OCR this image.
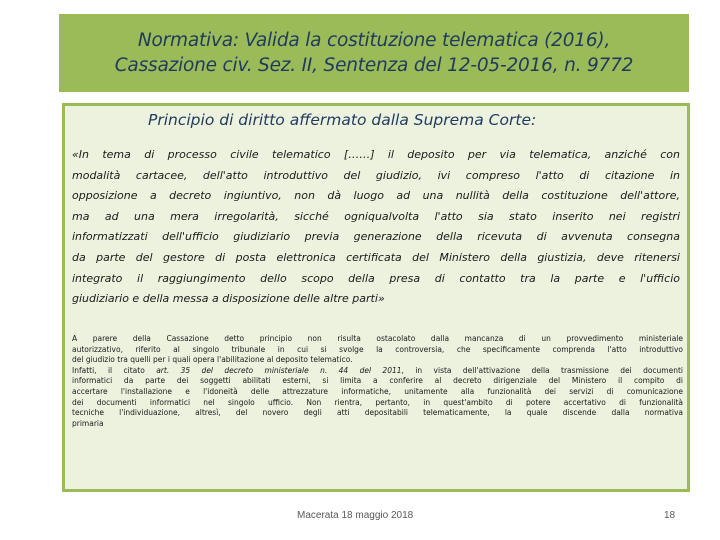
Normativa: Valida la costituzione telematica (2016),
Cassazione civ. Sez. II, Sentenza del 12-05-2016, n. 9772
Principio di diritto affermato dalla Suprema Corte:

«In tema di processo civile telematico [……] il deposito per via telematica, anziché con
modalità cartacee, dell'atto introduttivo del giudizio, ivi compreso l'atto di citazione in
opposizione a decreto ingiuntivo, non dà luogo ad una nullità della costituzione dell'attore,
ma ad una mera irregolarità, sicché ogniqualvolta l'atto sia stato inserito nei registri
informatizzati dell'ufficio giudiziario previa generazione della ricevuta di avvenuta consegna
da parte del gestore di posta elettronica certificata del Ministero della giustizia, deve ritenersi
integrato il raggiungimento dello scopo della presa di contatto tra la parte e l'ufficio
giudiziario e della messa a disposizione delle altre parti»

A parere della Cassazione detto principio non risulta ostacolato dalla mancanza di un provvedimento ministeriale
autorizzativo, riferito al singolo tribunale in cui si svolge la controversia, che specificamente comprenda l'atto introduttivo
del giudizio tra quelli per i quali opera l'abilitazione al deposito telematico.
Infatti, il citato art. 35 del decreto ministeriale n. 44 del 2011, in vista dell'attivazione della trasmissione dei documenti
informatici da parte dei soggetti abilitati esterni, si limita a conferire al decreto dirigenziale del Ministero il compito di
accertare l'installazione e l'idoneità delle attrezzature informatiche, unitamente alla funzionalità dei servizi di comunicazione
dei documenti informatici nel singolo ufficio. Non rientra, pertanto, in quest'ambito di potere accertativo di funzionalità
tecniche l'individuazione, altresì, del novero degli atti depositabili telematicamente, la quale discende dalla normativa
primaria
Macerata 18 maggio 2018	18
